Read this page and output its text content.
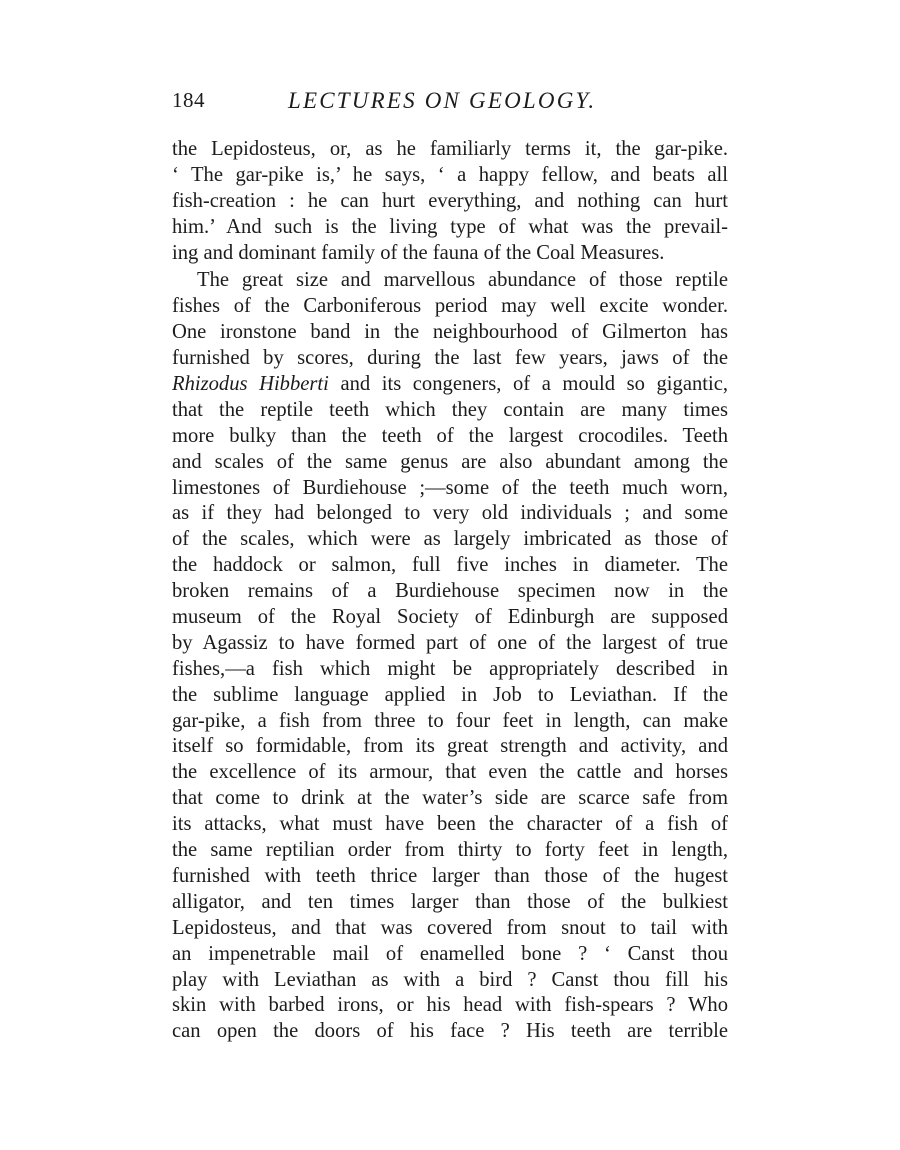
184	LECTURES ON GEOLOGY.
the Lepidosteus, or, as he familiarly terms it, the gar-pike.
‘ The gar-pike is,’ he says, ‘ a happy fellow, and beats all
fish-creation : he can hurt everything, and nothing can hurt
him.’ And such is the living type of what was the prevail-
ing and dominant family of the fauna of the Coal Measures.
The great size and marvellous abundance of those reptile
fishes of the Carboniferous period may well excite wonder.
One ironstone band in the neighbourhood of Gilmerton has
furnished by scores, during the last few years, jaws of the
Rhizodus Hibberti and its congeners, of a mould so gigantic,
that the reptile teeth which they contain are many times
more bulky than the teeth of the largest crocodiles. Teeth
and scales of the same genus are also abundant among the
limestones of Burdiehouse ;—some of the teeth much worn,
as if they had belonged to very old individuals ; and some
of the scales, which were as largely imbricated as those of
the haddock or salmon, full five inches in diameter. The
broken remains of a Burdiehouse specimen now in the
museum of the Royal Society of Edinburgh are supposed
by Agassiz to have formed part of one of the largest of true
fishes,—a fish which might be appropriately described in
the sublime language applied in Job to Leviathan. If the
gar-pike, a fish from three to four feet in length, can make
itself so formidable, from its great strength and activity, and
the excellence of its armour, that even the cattle and horses
that come to drink at the water’s side are scarce safe from
its attacks, what must have been the character of a fish of
the same reptilian order from thirty to forty feet in length,
furnished with teeth thrice larger than those of the hugest
alligator, and ten times larger than those of the bulkiest
Lepidosteus, and that was covered from snout to tail with
an impenetrable mail of enamelled bone ? ‘ Canst thou
play with Leviathan as with a bird ? Canst thou fill his
skin with barbed irons, or his head with fish-spears ? Who
can open the doors of his face ? His teeth are terrible
